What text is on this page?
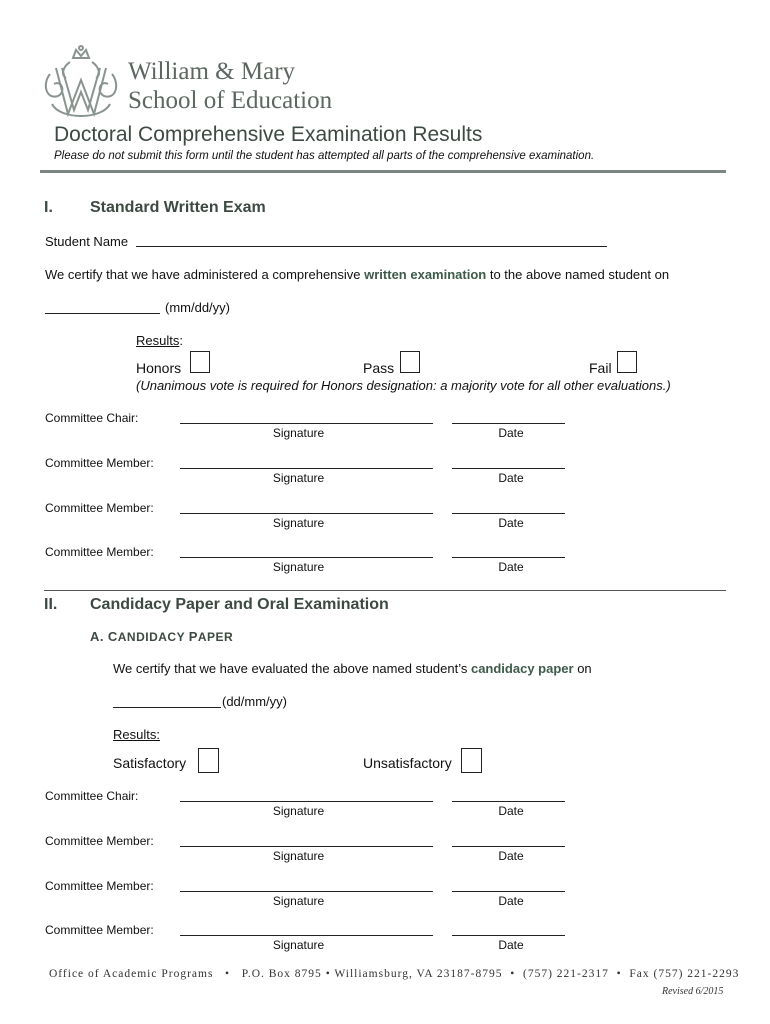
William & Mary
School of Education
Doctoral Comprehensive Examination Results
Please do not submit this form until the student has attempted all parts of the comprehensive examination.
I. Standard Written Exam
Student Name
We certify that we have administered a comprehensive written examination to the above named student on
(mm/dd/yy)
Results:
Honors	Pass	Fail
(Unanimous vote is required for Honors designation: a majority vote for all other evaluations.)
Committee Chair:
Signature	Date
Committee Member:
Signature	Date
Committee Member:
Signature	Date
Committee Member:
Signature	Date
II. Candidacy Paper and Oral Examination
A. CANDIDACY PAPER
We certify that we have evaluated the above named student’s candidacy paper on
(dd/mm/yy)
Results:
Satisfactory	Unsatisfactory
Committee Chair:
Signature	Date
Committee Member:
Signature	Date
Committee Member:
Signature	Date
Committee Member:
Signature	Date
Office of Academic Programs • P.O. Box 8795 • Williamsburg, VA 23187-8795 • (757) 221-2317 • Fax (757) 221-2293
Revised 6/2015
